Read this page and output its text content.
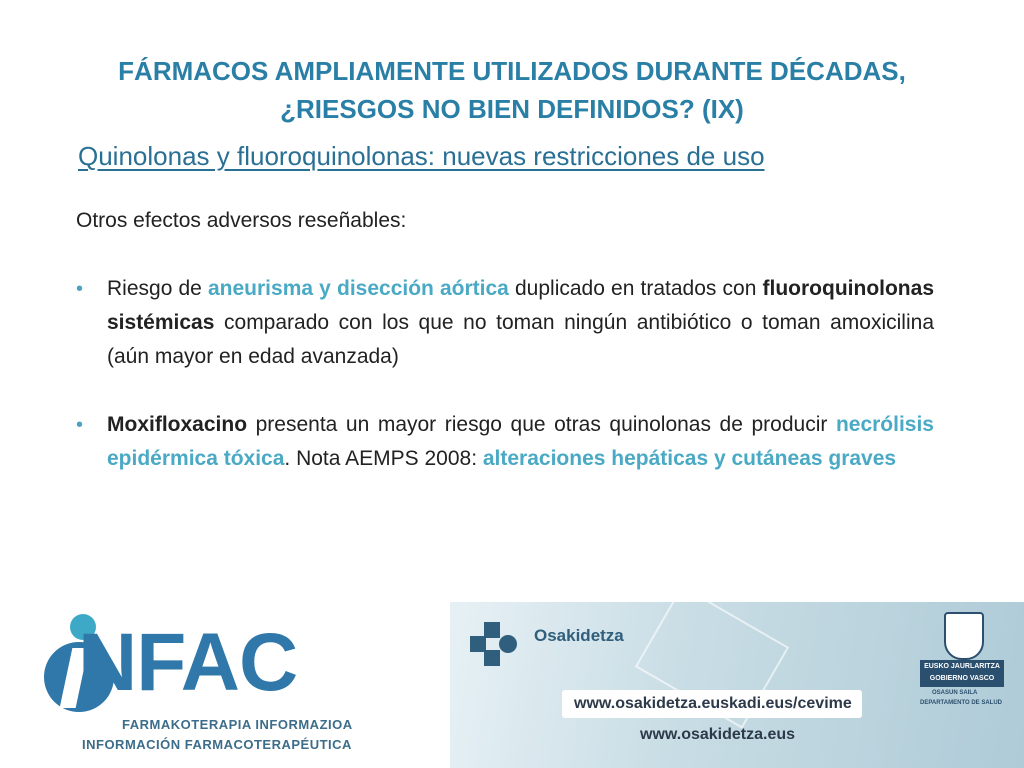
FÁRMACOS AMPLIAMENTE UTILIZADOS DURANTE DÉCADAS,
¿RIESGOS NO BIEN DEFINIDOS? (IX)
Quinolonas y fluoroquinolonas: nuevas restricciones de uso
Otros efectos adversos reseñables:
• Riesgo de aneurisma y disección aórtica duplicado en tratados con fluoroquinolonas sistémicas comparado con los que no toman ningún antibiótico o toman amoxicilina (aún mayor en edad avanzada)

• Moxifloxacino presenta un mayor riesgo que otras quinolonas de producir necrólisis epidérmica tóxica. Nota AEMPS 2008: alteraciones hepáticas y cutáneas graves

NFAC
FARMAKOTERAPIA INFORMAZIOA
INFORMACIÓN FARMACOTERAPÉUTICA
Osakidetza
www.osakidetza.euskadi.eus/cevime
www.osakidetza.eus
EUSKO JAURLARITZA
GOBIERNO VASCO
OSASUN SAILA
DEPARTAMENTO DE SALUD
